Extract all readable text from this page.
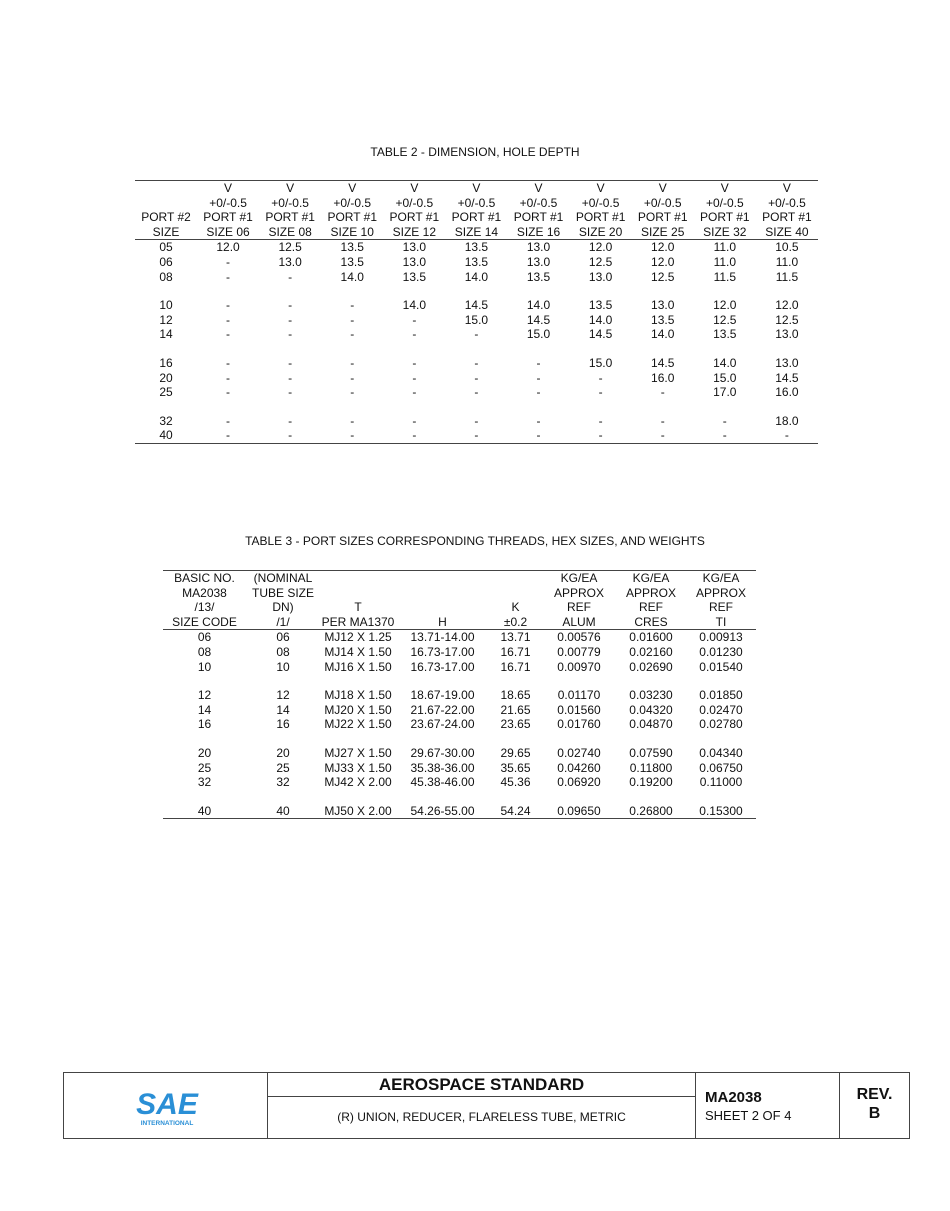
TABLE 2 - DIMENSION, HOLE DEPTH
	V	V	V	V	V	V	V	V	V	V
	+0/-0.5	+0/-0.5	+0/-0.5	+0/-0.5	+0/-0.5	+0/-0.5	+0/-0.5	+0/-0.5	+0/-0.5	+0/-0.5
PORT #2	PORT #1	PORT #1	PORT #1	PORT #1	PORT #1	PORT #1	PORT #1	PORT #1	PORT #1	PORT #1
SIZE	SIZE 06	SIZE 08	SIZE 10	SIZE 12	SIZE 14	SIZE 16	SIZE 20	SIZE 25	SIZE 32	SIZE 40
05	12.0	12.5	13.5	13.0	13.5	13.0	12.0	12.0	11.0	10.5
06	-	13.0	13.5	13.0	13.5	13.0	12.5	12.0	11.0	11.0
08	-	-	14.0	13.5	14.0	13.5	13.0	12.5	11.5	11.5

10	-	-	-	14.0	14.5	14.0	13.5	13.0	12.0	12.0
12	-	-	-	-	15.0	14.5	14.0	13.5	12.5	12.5
14	-	-	-	-	-	15.0	14.5	14.0	13.5	13.0

16	-	-	-	-	-	-	15.0	14.5	14.0	13.0
20	-	-	-	-	-	-	-	16.0	15.0	14.5
25	-	-	-	-	-	-	-	-	17.0	16.0

32	-	-	-	-	-	-	-	-	-	18.0
40	-	-	-	-	-	-	-	-	-	-
TABLE 3 - PORT SIZES CORRESPONDING THREADS, HEX SIZES, AND WEIGHTS
BASIC NO.	(NOMINAL				KG/EA	KG/EA	KG/EA
MA2038	TUBE SIZE				APPROX	APPROX	APPROX
/13/	DN)	T		K	REF	REF	REF
SIZE CODE	/1/	PER MA1370	H	±0.2	ALUM	CRES	TI
06	06	MJ12 X 1.25	13.71-14.00	13.71	0.00576	0.01600	0.00913
08	08	MJ14 X 1.50	16.73-17.00	16.71	0.00779	0.02160	0.01230
10	10	MJ16 X 1.50	16.73-17.00	16.71	0.00970	0.02690	0.01540

12	12	MJ18 X 1.50	18.67-19.00	18.65	0.01170	0.03230	0.01850
14	14	MJ20 X 1.50	21.67-22.00	21.65	0.01560	0.04320	0.02470
16	16	MJ22 X 1.50	23.67-24.00	23.65	0.01760	0.04870	0.02780

20	20	MJ27 X 1.50	29.67-30.00	29.65	0.02740	0.07590	0.04340
25	25	MJ33 X 1.50	35.38-36.00	35.65	0.04260	0.11800	0.06750
32	32	MJ42 X 2.00	45.38-46.00	45.36	0.06920	0.19200	0.11000

40	40	MJ50 X 2.00	54.26-55.00	54.24	0.09650	0.26800	0.15300
SAE
INTERNATIONAL
AEROSPACE STANDARD
(R) UNION, REDUCER, FLARELESS TUBE, METRIC
MA2038
SHEET 2 OF 4
REV.
B
